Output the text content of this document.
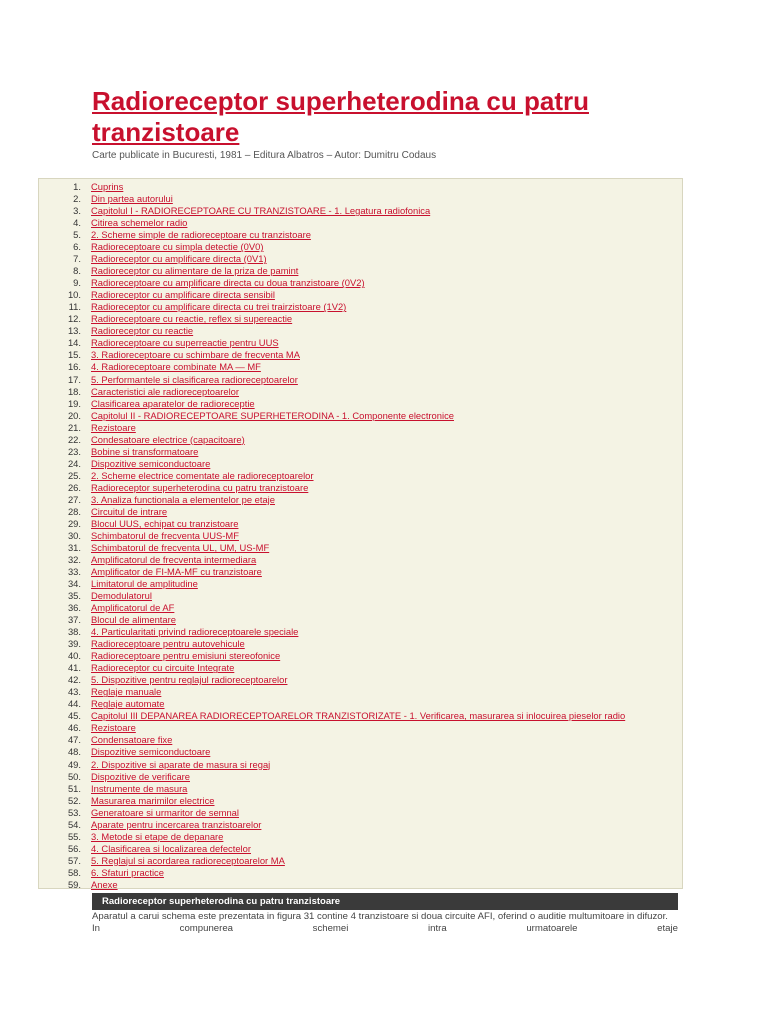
Radioreceptor superheterodina cu patru tranzistoare
Carte publicate in Bucuresti, 1981 – Editura Albatros – Autor: Dumitru Codaus
1. Cuprins
2. Din partea autorului
3. Capitolul I - RADIORECEPTOARE CU TRANZISTOARE - 1. Legatura radiofonica
4. Citirea schemelor radio
5. 2. Scheme simple de radioreceptoare cu tranzistoare
6. Radioreceptoare cu simpla detectie (0V0)
7. Radioreceptor cu amplificare directa (0V1)
8. Radioreceptor cu alimentare de la priza de pamint
9. Radioreceptoare cu amplificare directa cu doua tranzistoare (0V2)
10. Radioreceptor cu amplificare directa sensibil
11. Radioreceptor cu amplificare directa cu trei trairzistoare (1V2)
12. Radioreceptoare cu reactie, reflex si supereactie
13. Radioreceptor cu reactie
14. Radioreceptoare cu superreactie pentru UUS
15. 3. Radioreceptoare cu schimbare de frecventa MA
16. 4. Radioreceptoare combinate MA — MF
17. 5. Performantele si clasificarea radioreceptoarelor
18. Caracteristici ale radioreceptoarelor
19. Clasificarea aparatelor de radioreceptie
20. Capitolul II - RADIORECEPTOARE SUPERHETERODINA - 1. Componente electronice
21. Rezistoare
22. Condesatoare electrice (capacitoare)
23. Bobine si transformatoare
24. Dispozitive semiconductoare
25. 2. Scheme electrice comentate ale radioreceptoarelor
26. Radioreceptor superheterodina cu patru tranzistoare
27. 3. Analiza functionala a elementelor pe etaje
28. Circuitul de intrare
29. Blocul UUS, echipat cu tranzistoare
30. Schimbatorul de frecventa UUS-MF
31. Schimbatorul de frecventa UL, UM, US-MF
32. Amplificatorul de frecventa intermediara
33. Amplificator de FI-MA-MF cu tranzistoare
34. Limitatorul de amplitudine
35. Demodulatorul
36. Amplificatorul de AF
37. Blocul de alimentare
38. 4. Particularitati privind radioreceptoarele speciale
39. Radioreceptoare pentru autovehicule
40. Radioreceptoare pentru emisiuni stereofonice
41. Radioreceptor cu circuite Integrate
42. 5. Dispozitive pentru reglajul radioreceptoarelor
43. Reglaje manuale
44. Reglaje automate
45. Capitolul III DEPANAREA RADIORECEPTOARELOR TRANZISTORIZATE - 1. Verificarea, masurarea si inlocuirea pieselor radio
46. Rezistoare
47. Condensatoare fixe
48. Dispozitive semiconductoare
49. 2. Dispozitive si aparate de masura si regaj
50. Dispozitive de verificare
51. Instrumente de masura
52. Masurarea marimilor electrice
53. Generatoare si urmaritor de semnal
54. Aparate pentru incercarea tranzistoarelor
55. 3. Metode si etape de depanare
56. 4. Clasificarea si localizarea defectelor
57. 5. Reglajul si acordarea radioreceptoarelor MA
58. 6. Sfaturi practice
59. Anexe
Radioreceptor superheterodina cu patru tranzistoare
Aparatul a carui schema este prezentata in figura 31 contine 4 tranzistoare si doua circuite AFI, oferind o auditie multumitoare in difuzor.
In	compunerea	schemei	intra	urmatoarele	etaje
